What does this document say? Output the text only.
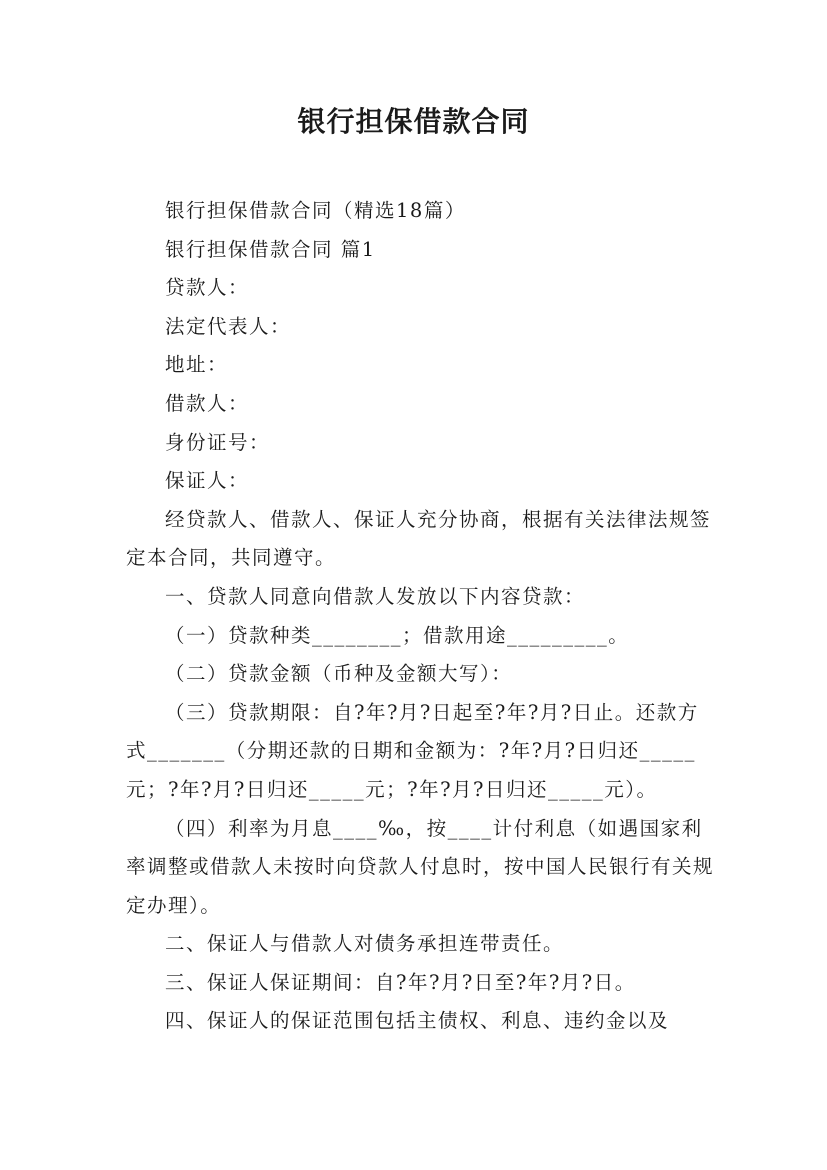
银行担保借款合同

银行担保借款合同（精选18篇）

银行担保借款合同 篇1

贷款人：

法定代表人：

地址：

借款人：

身份证号：

保证人：

经贷款人、借款人、保证人充分协商，根据有关法律法规签定本合同，共同遵守。

一、贷款人同意向借款人发放以下内容贷款：

（一）贷款种类________；借款用途_________。

（二）贷款金额（币种及金额大写）：

（三）贷款期限：自?年?月?日起至?年?月?日止。还款方式_______（分期还款的日期和金额为：?年?月?日归还_____元；?年?月?日归还_____元；?年?月?日归还_____元）。

（四）利率为月息____‰，按____计付利息（如遇国家利率调整或借款人未按时向贷款人付息时，按中国人民银行有关规定办理）。

二、保证人与借款人对债务承担连带责任。

三、保证人保证期间：自?年?月?日至?年?月?日。

四、保证人的保证范围包括主债权、利息、违约金以及
